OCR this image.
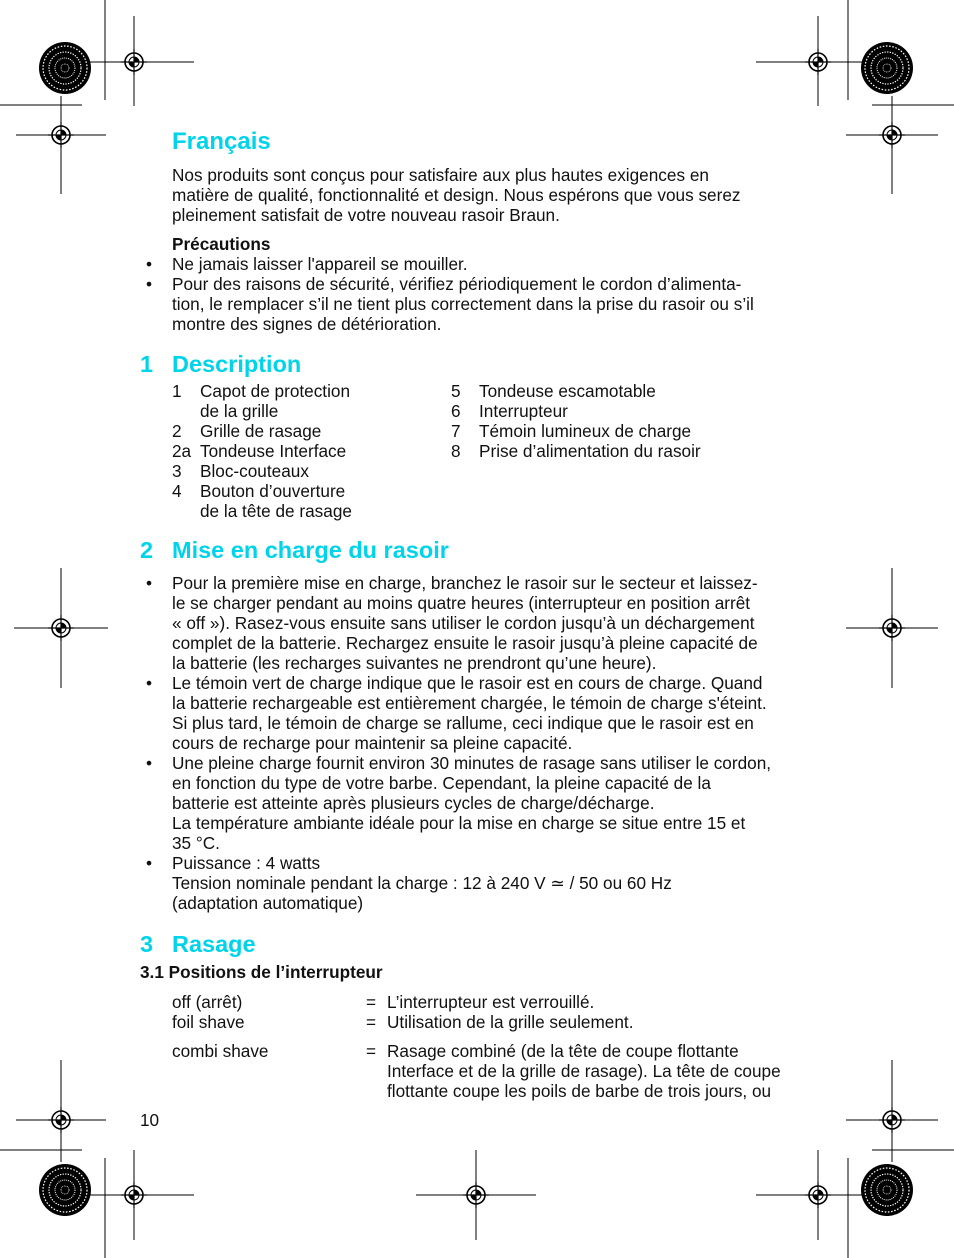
Français
Nos produits sont conçus pour satisfaire aux plus hautes exigences en
matière de qualité, fonctionnalité et design. Nous espérons que vous serez
pleinement satisfait de votre nouveau rasoir Braun.
Précautions
• Ne jamais laisser l'appareil se mouiller.
• Pour des raisons de sécurité, vérifiez périodiquement le cordon d’alimenta-
tion, le remplacer s’il ne tient plus correctement dans la prise du rasoir ou s’il
montre des signes de détérioration.
1 Description
1 Capot de protection
de la grille
2 Grille de rasage
2a Tondeuse Interface
3 Bloc-couteaux
4 Bouton d’ouverture
de la tête de rasage
5 Tondeuse escamotable
6 Interrupteur
7 Témoin lumineux de charge
8 Prise d’alimentation du rasoir
2 Mise en charge du rasoir
• Pour la première mise en charge, branchez le rasoir sur le secteur et laissez-
le se charger pendant au moins quatre heures (interrupteur en position arrêt
« off »). Rasez-vous ensuite sans utiliser le cordon jusqu’à un déchargement
complet de la batterie. Rechargez ensuite le rasoir jusqu’à pleine capacité de
la batterie (les recharges suivantes ne prendront qu’une heure).
• Le témoin vert de charge indique que le rasoir est en cours de charge. Quand
la batterie rechargeable est entièrement chargée, le témoin de charge s'éteint.
Si plus tard, le témoin de charge se rallume, ceci indique que le rasoir est en
cours de recharge pour maintenir sa pleine capacité.
• Une pleine charge fournit environ 30 minutes de rasage sans utiliser le cordon,
en fonction du type de votre barbe. Cependant, la pleine capacité de la
batterie est atteinte après plusieurs cycles de charge/décharge.
La température ambiante idéale pour la mise en charge se situe entre 15 et
35 °C.
• Puissance : 4 watts
Tension nominale pendant la charge : 12 à 240 V ≃ / 50 ou 60 Hz
(adaptation automatique)
3 Rasage
3.1 Positions de l’interrupteur
off (arrêt)	= L’interrupteur est verrouillé.
foil shave	= Utilisation de la grille seulement.
combi shave	= Rasage combiné (de la tête de coupe flottante
Interface et de la grille de rasage). La tête de coupe
flottante coupe les poils de barbe de trois jours, ou
10
